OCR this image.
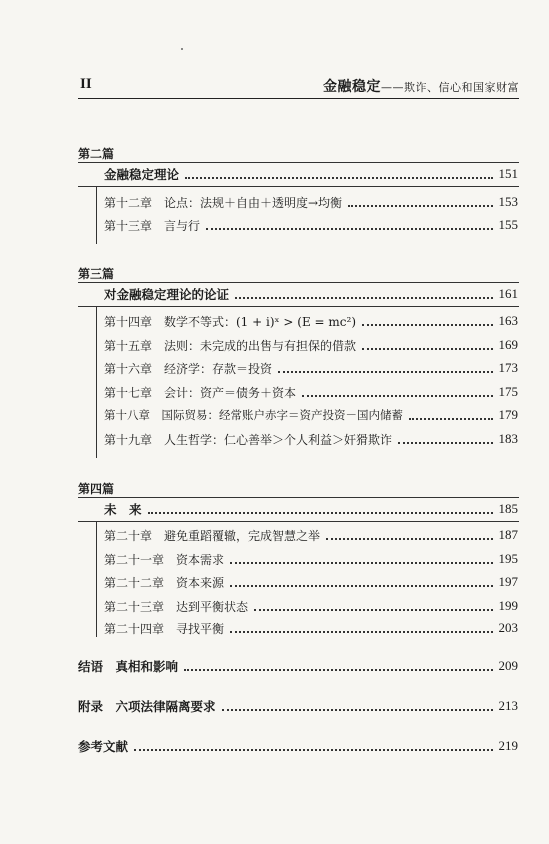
II	金融稳定——欺诈、信心和国家财富
第二篇
金融稳定理论	151
第十二章　论点：法规＋自由＋透明度→均衡	153
第十三章　言与行	155
第三篇
对金融稳定理论的论证	161
第十四章　数学不等式：(1 + i)ˣ > (E = mc²)	163
第十五章　法则：未完成的出售与有担保的借款	169
第十六章　经济学：存款＝投资	173
第十七章　会计：资产＝债务＋资本	175
第十八章　国际贸易：经常账户赤字＝资产投资－国内储蓄	179
第十九章　人生哲学：仁心善举＞个人利益＞奸猾欺诈	183
第四篇
未　来	185
第二十章　避免重蹈覆辙，完成智慧之举	187
第二十一章　资本需求	195
第二十二章　资本来源	197
第二十三章　达到平衡状态	199
第二十四章　寻找平衡	203
结语　真相和影响	209
附录　六项法律隔离要求	213
参考文献	219
